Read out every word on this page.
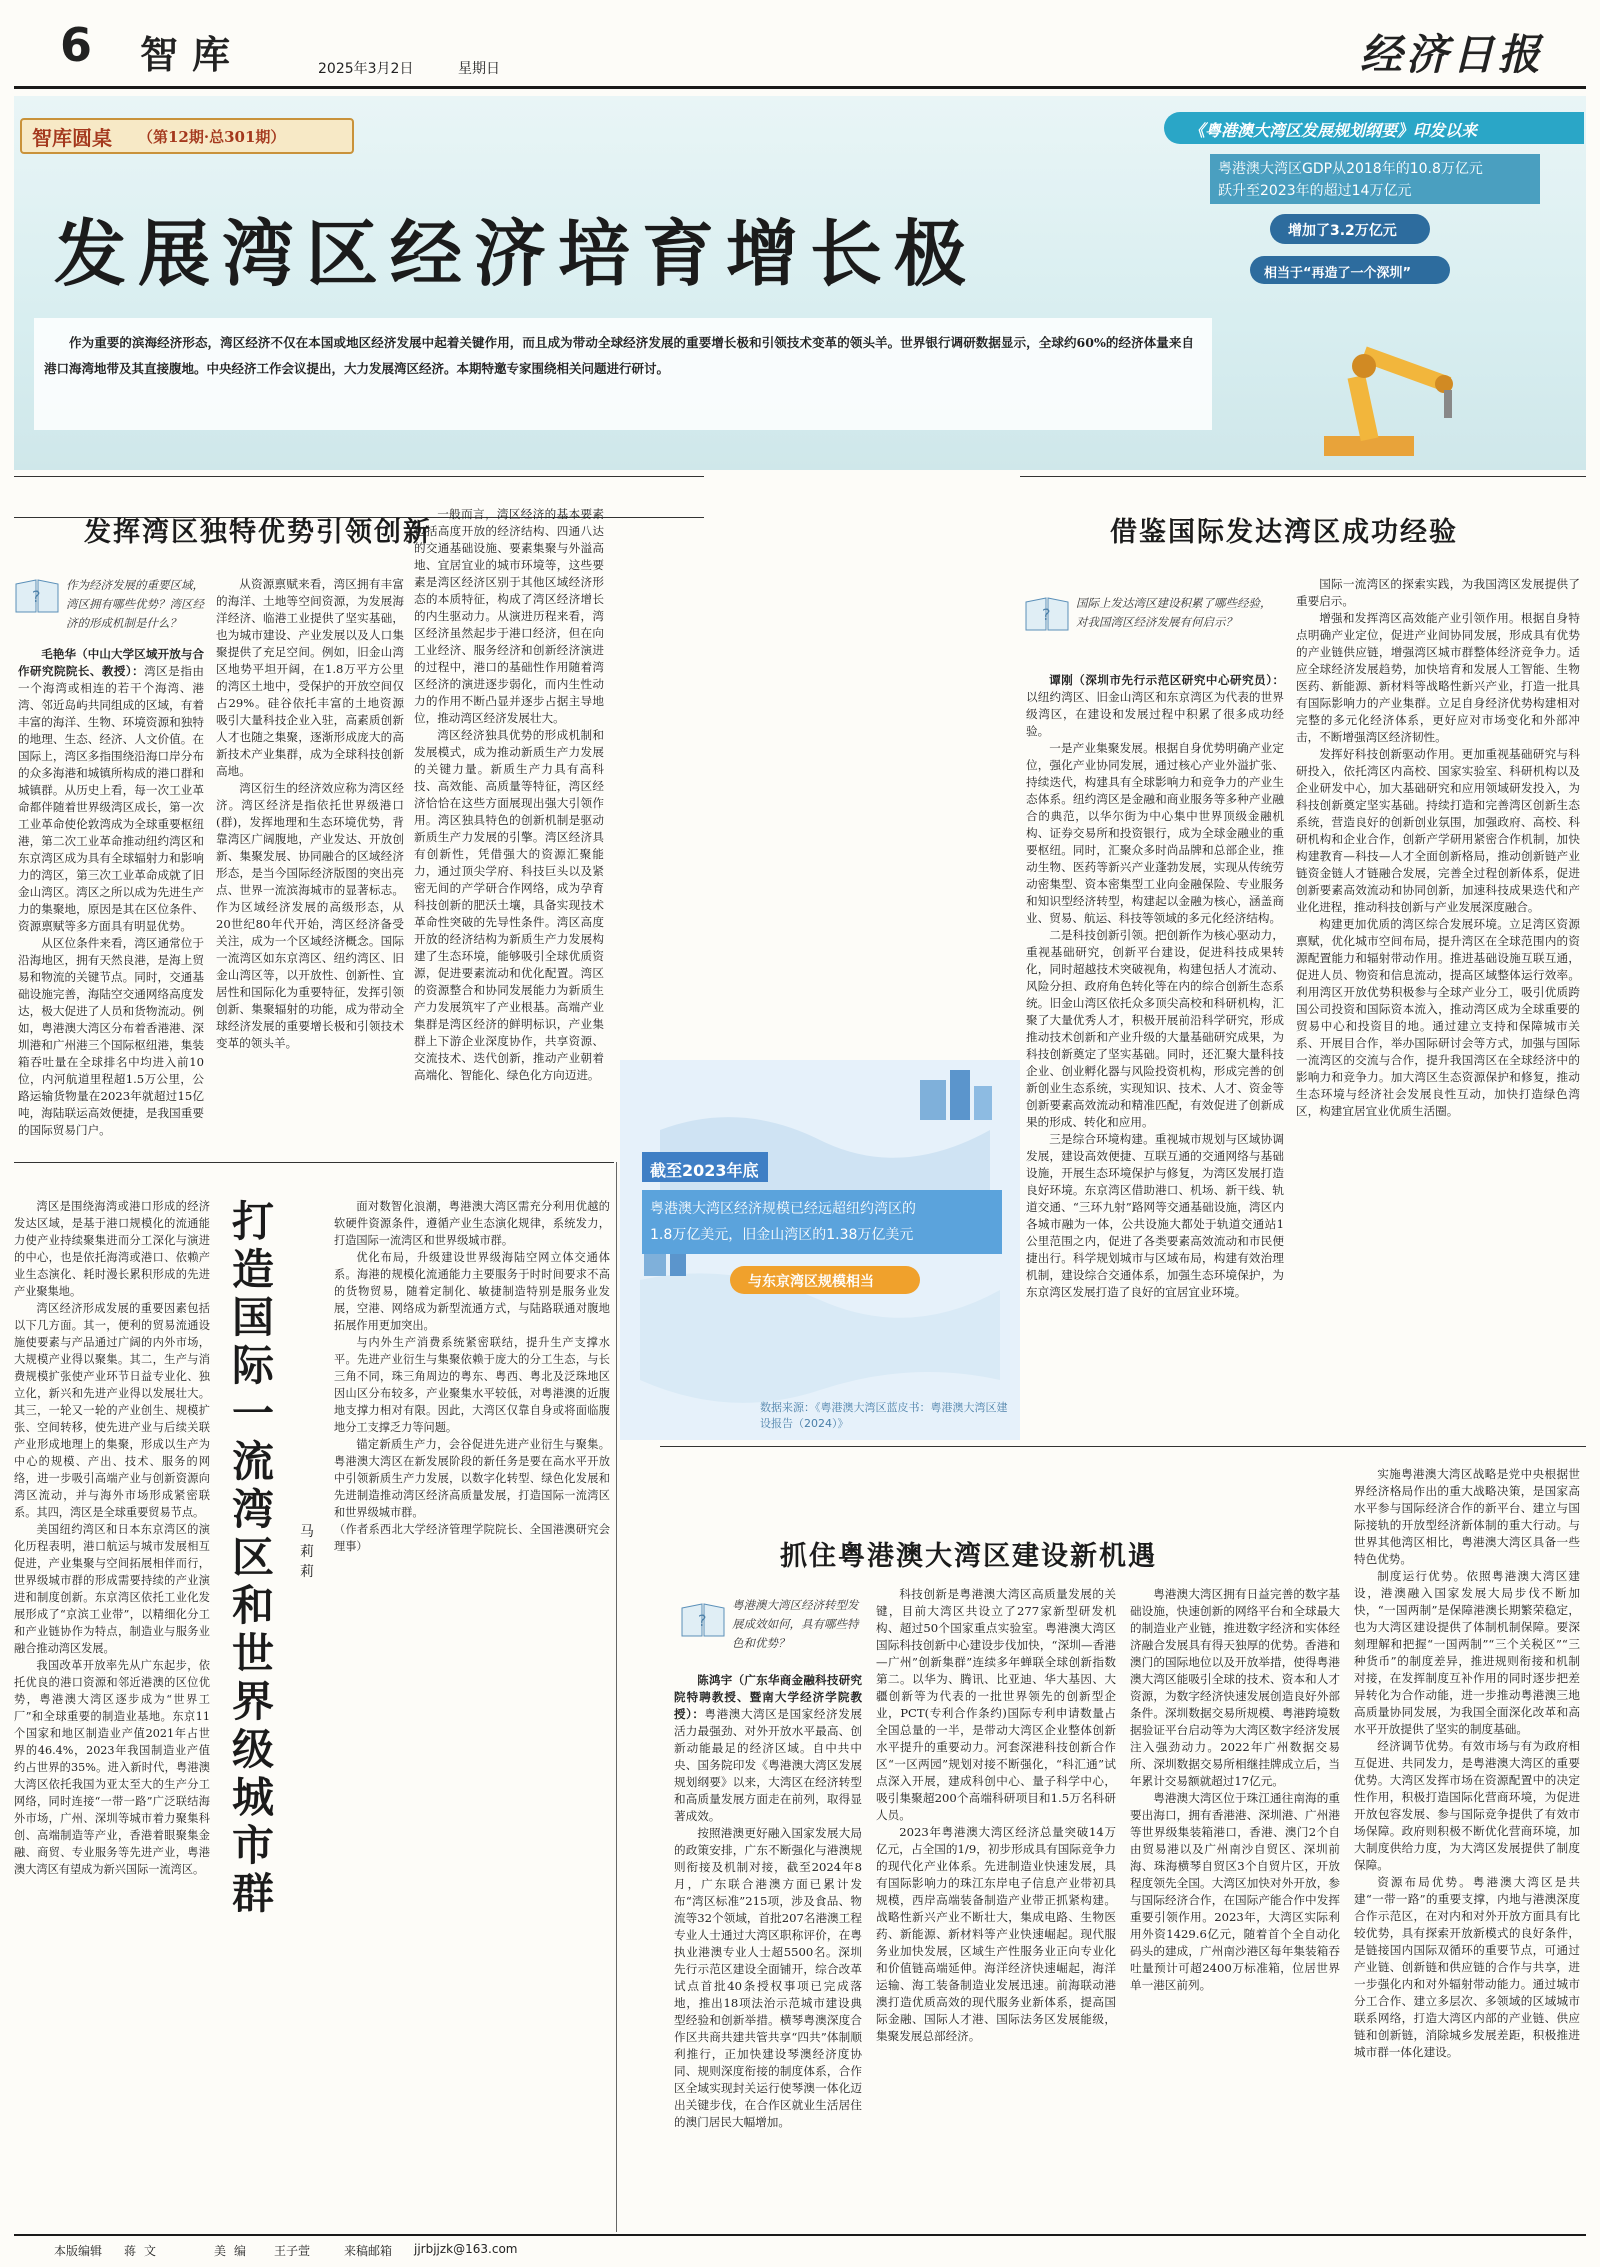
6 智库	2025年3月2日	星期日	经济日报
智库圆桌 （第12期·总301期）
发展湾区经济培育增长极
《粤港澳大湾区发展规划纲要》印发以来
粤港澳大湾区GDP从2018年的10.8万亿元
跃升至2023年的超过14万亿元
增加了3.2万亿元
相当于“再造了一个深圳”

作为重要的滨海经济形态，湾区经济不仅在本国或地区经济发展中起着关键作用，而且成为带动全球经济发展的重要增长极和引领技术变革的领头羊。世界银行调研数据显示，全球约60%的经济体量来自港口海湾地带及其直接腹地。中央经济工作会议提出，大力发展湾区经济。本期特邀专家围绕相关问题进行研讨。

发挥湾区独特优势引领创新
?
作为经济发展的重要区域，湾区拥有哪些优势？湾区经济的形成机制是什么？

毛艳华（中山大学区域开放与合作研究院院长、教授）：湾区是指由一个海湾或相连的若干个海湾、港湾、邻近岛屿共同组成的区域，有着丰富的海洋、生物、环境资源和独特的地理、生态、经济、人文价值。在国际上，湾区多指围绕沿海口岸分布的众多海港和城镇所构成的港口群和城镇群。从历史上看，每一次工业革命都伴随着世界级湾区成长，第一次工业革命使伦敦湾成为全球重要枢纽港，第二次工业革命推动纽约湾区和东京湾区成为具有全球辐射力和影响力的湾区，第三次工业革命成就了旧金山湾区。湾区之所以成为先进生产力的集聚地，原因是其在区位条件、资源禀赋等多方面具有明显优势。

从区位条件来看，湾区通常位于沿海地区，拥有天然良港，是海上贸易和物流的关键节点。同时，交通基础设施完善，海陆空交通网络高度发达，极大促进了人员和货物流动。例如，粤港澳大湾区分布着香港港、深圳港和广州港三个国际枢纽港，集装箱吞吐量在全球排名中均进入前10位，内河航道里程超1.5万公里，公路运输货物量在2023年就超过15亿吨，海陆联运高效便捷，是我国重要的国际贸易门户。

从资源禀赋来看，湾区拥有丰富的海洋、土地等空间资源，为发展海洋经济、临港工业提供了坚实基础，也为城市建设、产业发展以及人口集聚提供了充足空间。例如，旧金山湾区地势平坦开阔，在1.8万平方公里的湾区土地中，受保护的开放空间仅占29%。硅谷依托丰富的土地资源吸引大量科技企业入驻，高素质创新人才也随之集聚，逐渐形成庞大的高新技术产业集群，成为全球科技创新高地。

湾区衍生的经济效应称为湾区经济。湾区经济是指依托世界级港口(群)，发挥地理和生态环境优势，背靠湾区广阔腹地，产业发达、开放创新、集聚发展、协同融合的区域经济形态，是当今国际经济版图的突出亮点、世界一流滨海城市的显著标志。作为区域经济发展的高级形态，从20世纪80年代开始，湾区经济备受关注，成为一个区域经济概念。国际一流湾区如东京湾区、纽约湾区、旧金山湾区等，以开放性、创新性、宜居性和国际化为重要特征，发挥引领创新、集聚辐射的功能，成为带动全球经济发展的重要增长极和引领技术变革的领头羊。

一般而言，湾区经济的基本要素包括高度开放的经济结构、四通八达的交通基础设施、要素集聚与外溢高地、宜居宜业的城市环境等，这些要素是湾区经济区别于其他区域经济形态的本质特征，构成了湾区经济增长的内生驱动力。从演进历程来看，湾区经济虽然起步于港口经济，但在向工业经济、服务经济和创新经济演进的过程中，港口的基础性作用随着湾区经济的演进逐步弱化，而内生性动力的作用不断凸显并逐步占据主导地位，推动湾区经济发展壮大。

湾区经济独具优势的形成机制和发展模式，成为推动新质生产力发展的关键力量。新质生产力具有高科技、高效能、高质量等特征，湾区经济恰恰在这些方面展现出强大引领作用。湾区独具特色的创新机制是驱动新质生产力发展的引擎。湾区经济具有创新性，凭借强大的资源汇聚能力，通过顶尖学府、科技巨头以及紧密无间的产学研合作网络，成为孕育科技创新的肥沃土壤，具备实现技术革命性突破的先导性条件。湾区高度开放的经济结构为新质生产力发展构建了生态环境，能够吸引全球优质资源，促进要素流动和优化配置。湾区的资源整合和协同发展能力为新质生产力发展筑牢了产业根基。高端产业集群是湾区经济的鲜明标识，产业集群上下游企业深度协作，共享资源、交流技术、迭代创新，推动产业朝着高端化、智能化、绿色化方向迈进。

借鉴国际发达湾区成功经验
?
国际上发达湾区建设积累了哪些经验，对我国湾区经济发展有何启示？

谭刚（深圳市先行示范区研究中心研究员）：以纽约湾区、旧金山湾区和东京湾区为代表的世界级湾区，在建设和发展过程中积累了很多成功经验。

一是产业集聚发展。根据自身优势明确产业定位，强化产业协同发展，通过核心产业外溢扩张、持续迭代，构建具有全球影响力和竞争力的产业生态体系。纽约湾区是金融和商业服务等多种产业融合的典范，以华尔街为中心集中世界顶级金融机构、证券交易所和投资银行，成为全球金融业的重要枢纽。同时，汇聚众多时尚品牌和总部企业，推动生物、医药等新兴产业蓬勃发展，实现从传统劳动密集型、资本密集型工业向金融保险、专业服务和知识型经济转型，构建起以金融为核心，涵盖商业、贸易、航运、科技等领域的多元化经济结构。

二是科技创新引领。把创新作为核心驱动力，重视基础研究，创新平台建设，促进科技成果转化，同时超越技术突破视角，构建包括人才流动、风险分担、政府角色转化等在内的综合创新生态系统。旧金山湾区依托众多顶尖高校和科研机构，汇聚了大量优秀人才，积极开展前沿科学研究，形成推动技术创新和产业升级的大量基础研究成果，为科技创新奠定了坚实基础。同时，还汇聚大量科技企业、创业孵化器与风险投资机构，形成完善的创新创业生态系统，实现知识、技术、人才、资金等创新要素高效流动和精准匹配，有效促进了创新成果的形成、转化和应用。

三是综合环境构建。重视城市规划与区域协调发展，建设高效便捷、互联互通的交通网络与基础设施，开展生态环境保护与修复，为湾区发展打造良好环境。东京湾区借助港口、机场、新干线、轨道交通、“三环九射”路网等交通基础设施，湾区内各城市融为一体，公共设施大都处于轨道交通站1公里范围之内，促进了各类要素高效流动和市民便捷出行。科学规划城市与区域布局，构建有效治理机制，建设综合交通体系，加强生态环境保护，为东京湾区发展打造了良好的宜居宜业环境。

国际一流湾区的探索实践，为我国湾区发展提供了重要启示。

增强和发挥湾区高效能产业引领作用。根据自身特点明确产业定位，促进产业间协同发展，形成具有优势的产业链供应链，增强湾区城市群整体经济竞争力。适应全球经济发展趋势，加快培育和发展人工智能、生物医药、新能源、新材料等战略性新兴产业，打造一批具有国际影响力的产业集群。立足自身经济优势构建相对完整的多元化经济体系，更好应对市场变化和外部冲击，不断增强湾区经济韧性。

发挥好科技创新驱动作用。更加重视基础研究与科研投入，依托湾区内高校、国家实验室、科研机构以及企业研发中心，加大基础研究和应用领域研发投入，为科技创新奠定坚实基础。持续打造和完善湾区创新生态系统，营造良好的创新创业氛围，加强政府、高校、科研机构和企业合作，创新产学研用紧密合作机制，加快构建教育—科技—人才全面创新格局，推动创新链产业链资金链人才链融合发展，完善全过程创新体系，促进创新要素高效流动和协同创新，加速科技成果迭代和产业化进程，推动科技创新与产业发展深度融合。

构建更加优质的湾区综合发展环境。立足湾区资源禀赋，优化城市空间布局，提升湾区在全球范围内的资源配置能力和辐射带动作用。推进基础设施互联互通，促进人员、物资和信息流动，提高区域整体运行效率。利用湾区开放优势积极参与全球产业分工，吸引优质跨国公司投资和国际资本流入，推动湾区成为全球重要的贸易中心和投资目的地。通过建立支持和保障城市关系、开展目合作，举办国际研讨会等方式，加强与国际一流湾区的交流与合作，提升我国湾区在全球经济中的影响力和竞争力。加大湾区生态资源保护和修复，推动生态环境与经济社会发展良性互动，加快打造绿色湾区，构建宜居宜业优质生活圈。

截至2023年底
粤港澳大湾区经济规模已经远超纽约湾区的
1.8万亿美元，旧金山湾区的1.38万亿美元
与东京湾区规模相当
数据来源：《粤港澳大湾区蓝皮书：粤港澳大湾区建设报告（2024）》

湾区是围绕海湾或港口形成的经济发达区域，是基于港口规模化的流通能力使产业持续聚集进而分工深化与演进的中心，也是依托海湾或港口、依赖产业生态演化、耗时漫长累积形成的先进产业聚集地。

湾区经济形成发展的重要因素包括以下几方面。其一，便利的贸易流通设施使要素与产品通过广阔的内外市场，大规模产业得以聚集。其二，生产与消费规模扩张使产业环节日益专业化、独立化，新兴和先进产业得以发展壮大。其三，一轮又一轮的产业创生、规模扩张、空间转移，使先进产业与后续关联产业形成地理上的集聚，形成以生产为中心的规模、产出、技术、服务的网络，进一步吸引高端产业与创新资源向湾区流动，并与海外市场形成紧密联系。其四，湾区是全球重要贸易节点。

美国纽约湾区和日本东京湾区的演化历程表明，港口航运与城市发展相互促进，产业集聚与空间拓展相伴而行，世界级城市群的形成需要持续的产业演进和制度创新。东京湾区依托工业化发展形成了“京滨工业带”，以精细化分工和产业链协作为特点，制造业与服务业融合推动湾区发展。

我国改革开放率先从广东起步，依托优良的港口资源和邻近港澳的区位优势，粤港澳大湾区逐步成为“世界工厂”和全球重要的制造业基地。东京11个国家和地区制造业产值2021年占世界的46.4%，2023年我国制造业产值约占世界的35%。进入新时代，粤港澳大湾区依托我国为亚太至大的生产分工网络，同时连接“一带一路”广泛联结海外市场，广州、深圳等城市着力聚集科创、高端制造等产业，香港着眼聚集金融、商贸、专业服务等先进产业，粤港澳大湾区有望成为新兴国际一流湾区。

打造国际一流湾区和世界级城市群
马莉莉

面对数智化浪潮，粤港澳大湾区需充分利用优越的软硬件资源条件，遵循产业生态演化规律，系统发力，打造国际一流湾区和世界级城市群。

优化布局，升级建设世界级海陆空网立体交通体系。海港的规模化流通能力主要服务于时时间要求不高的货物贸易，随着定制化、敏捷制造特别是服务业发展，空港、网络成为新型流通方式，与陆路联通对腹地拓展作用更加突出。

与内外生产消费系统紧密联结，提升生产支撑水平。先进产业衍生与集聚依赖于庞大的分工生态，与长三角不同，珠三角周边的粤东、粤西、粤北及泛珠地区因山区分布较多，产业聚集水平较低，对粤港澳的近腹地支撑力相对有限。因此，大湾区仅靠自身或将面临腹地分工支撑乏力等问题。

锚定新质生产力，会谷促进先进产业衍生与聚集。粤港澳大湾区在新发展阶段的新任务是要在高水平开放中引领新质生产力发展，以数字化转型、绿色化发展和先进制造推动湾区经济高质量发展，打造国际一流湾区和世界级城市群。

（作者系西北大学经济管理学院院长、全国港澳研究会理事）	抓住粤港澳大湾区建设新机遇
?
粤港澳大湾区经济转型发展成效如何，具有哪些特色和优势？

陈鸿宇（广东华商金融科技研究院特聘教授、暨南大学经济学院教授）：粤港澳大湾区是国家经济发展活力最强劲、对外开放水平最高、创新动能最足的经济区域。自中共中央、国务院印发《粤港澳大湾区发展规划纲要》以来，大湾区在经济转型和高质量发展方面走在前列，取得显著成效。

按照港澳更好融入国家发展大局的政策安排，广东不断强化与港澳规则衔接及机制对接，截至2024年8月，广东联合港澳方面已累计发布“湾区标准”215项，涉及食品、物流等32个领域，首批207名港澳工程专业人士通过大湾区职称评价，在粤执业港澳专业人士超5500名。深圳先行示范区建设全面铺开，综合改革试点首批40条授权事项已完成落地，推出18项法治示范城市建设典型经验和创新举措。横琴粤澳深度合作区共商共建共管共享“四共”体制顺利推行，正加快建设琴澳经济度协同、规则深度衔接的制度体系，合作区全域实现封关运行使琴澳一体化迈出关键步伐，在合作区就业生活居住的澳门居民大幅增加。

科技创新是粤港澳大湾区高质量发展的关键，目前大湾区共设立了277家新型研发机构、超过50个国家重点实验室。粤港澳大湾区国际科技创新中心建设步伐加快，“深圳—香港—广州”创新集群”连续多年蝉联全球创新指数第二。以华为、腾讯、比亚迪、华大基因、大疆创新等为代表的一批世界领先的创新型企业，PCT(专利合作条约)国际专利申请数量占全国总量的一半，是带动大湾区企业整体创新水平提升的重要动力。河套深港科技创新合作区“一区两园”规划对接不断强化，“科汇通”试点深入开展，建成科创中心、量子科学中心，吸引集聚超200个高端科研项目和1.5万名科研人员。

2023年粤港澳大湾区经济总量突破14万亿元，占全国的1/9，初步形成具有国际竞争力的现代化产业体系。先进制造业快速发展，具有国际影响力的珠江东岸电子信息产业带初具规模，西岸高端装备制造产业带正抓紧构建。战略性新兴产业不断壮大，集成电路、生物医药、新能源、新材料等产业快速崛起。现代服务业加快发展，区域生产性服务业正向专业化和价值链高端延伸。海洋经济快速崛起，海洋运输、海工装备制造业发展迅速。前海联动港澳打造优质高效的现代服务业新体系，提高国际金融、国际人才港、国际法务区发展能级，集聚发展总部经济。

粤港澳大湾区拥有日益完善的数字基础设施，快速创新的网络平台和全球最大的制造业产业链，推进数字经济和实体经济融合发展具有得天独厚的优势。香港和澳门的国际地位以及开放举措，使得粤港澳大湾区能吸引全球的技术、资本和人才资源，为数字经济快速发展创造良好外部条件。深圳数据交易所规模、粤港跨境数据验证平台启动等为大湾区数字经济发展注入强劲动力。2022年广州数据交易所、深圳数据交易所相继挂牌成立后，当年累计交易额就超过17亿元。

粤港澳大湾区位于珠江通往南海的重要出海口，拥有香港港、深圳港、广州港等世界级集装箱港口，香港、澳门2个自由贸易港以及广州南沙自贸区、深圳前海、珠海横琴自贸区3个自贸片区，开放程度领先全国。大湾区加快对外开放，参与国际经济合作，在国际产能合作中发挥重要引领作用。2023年，大湾区实际利用外资1429.6亿元，随着首个全自动化码头的建成，广州南沙港区每年集装箱吞吐量预计可超2400万标准箱，位居世界单一港区前列。

实施粤港澳大湾区战略是党中央根据世界经济格局作出的重大战略决策，是国家高水平参与国际经济合作的新平台、建立与国际接轨的开放型经济新体制的重大行动。与世界其他湾区相比，粤港澳大湾区具备一些特色优势。

制度运行优势。依照粤港澳大湾区建设，港澳融入国家发展大局步伐不断加快，“一国两制”是保障港澳长期繁荣稳定，也为大湾区建设提供了体制机制保障。要深刻理解和把握“一国两制”“三个关税区”“三种货币”的制度差异，推进规则衔接和机制对接，在发挥制度互补作用的同时逐步把差异转化为合作动能，进一步推动粤港澳三地高质量协同发展，为我国全面深化改革和高水平开放提供了坚实的制度基础。

经济调节优势。有效市场与有为政府相互促进、共同发力，是粤港澳大湾区的重要优势。大湾区发挥市场在资源配置中的决定性作用，积极打造国际化营商环境，为促进开放包容发展、参与国际竞争提供了有效市场保障。政府则积极不断优化营商环境，加大制度供给力度，为大湾区发展提供了制度保障。

资源布局优势。粤港澳大湾区是共建“一带一路”的重要支撑，内地与港澳深度合作示范区，在对内和对外开放方面具有比较优势，具有探索开放新模式的良好条件，是链接国内国际双循环的重要节点，可通过产业链、创新链和供应链的合作与共享，进一步强化内和对外辐射带动能力。通过城市分工合作、建立多层次、多领域的区域城市联系网络，打造大湾区内部的产业链、供应链和创新链，消除城乡发展差距，积极推进城市群一体化建设。

本版编辑 蒋文	美编 王子萱	来稿邮箱 jjrbjjzk@163.com
